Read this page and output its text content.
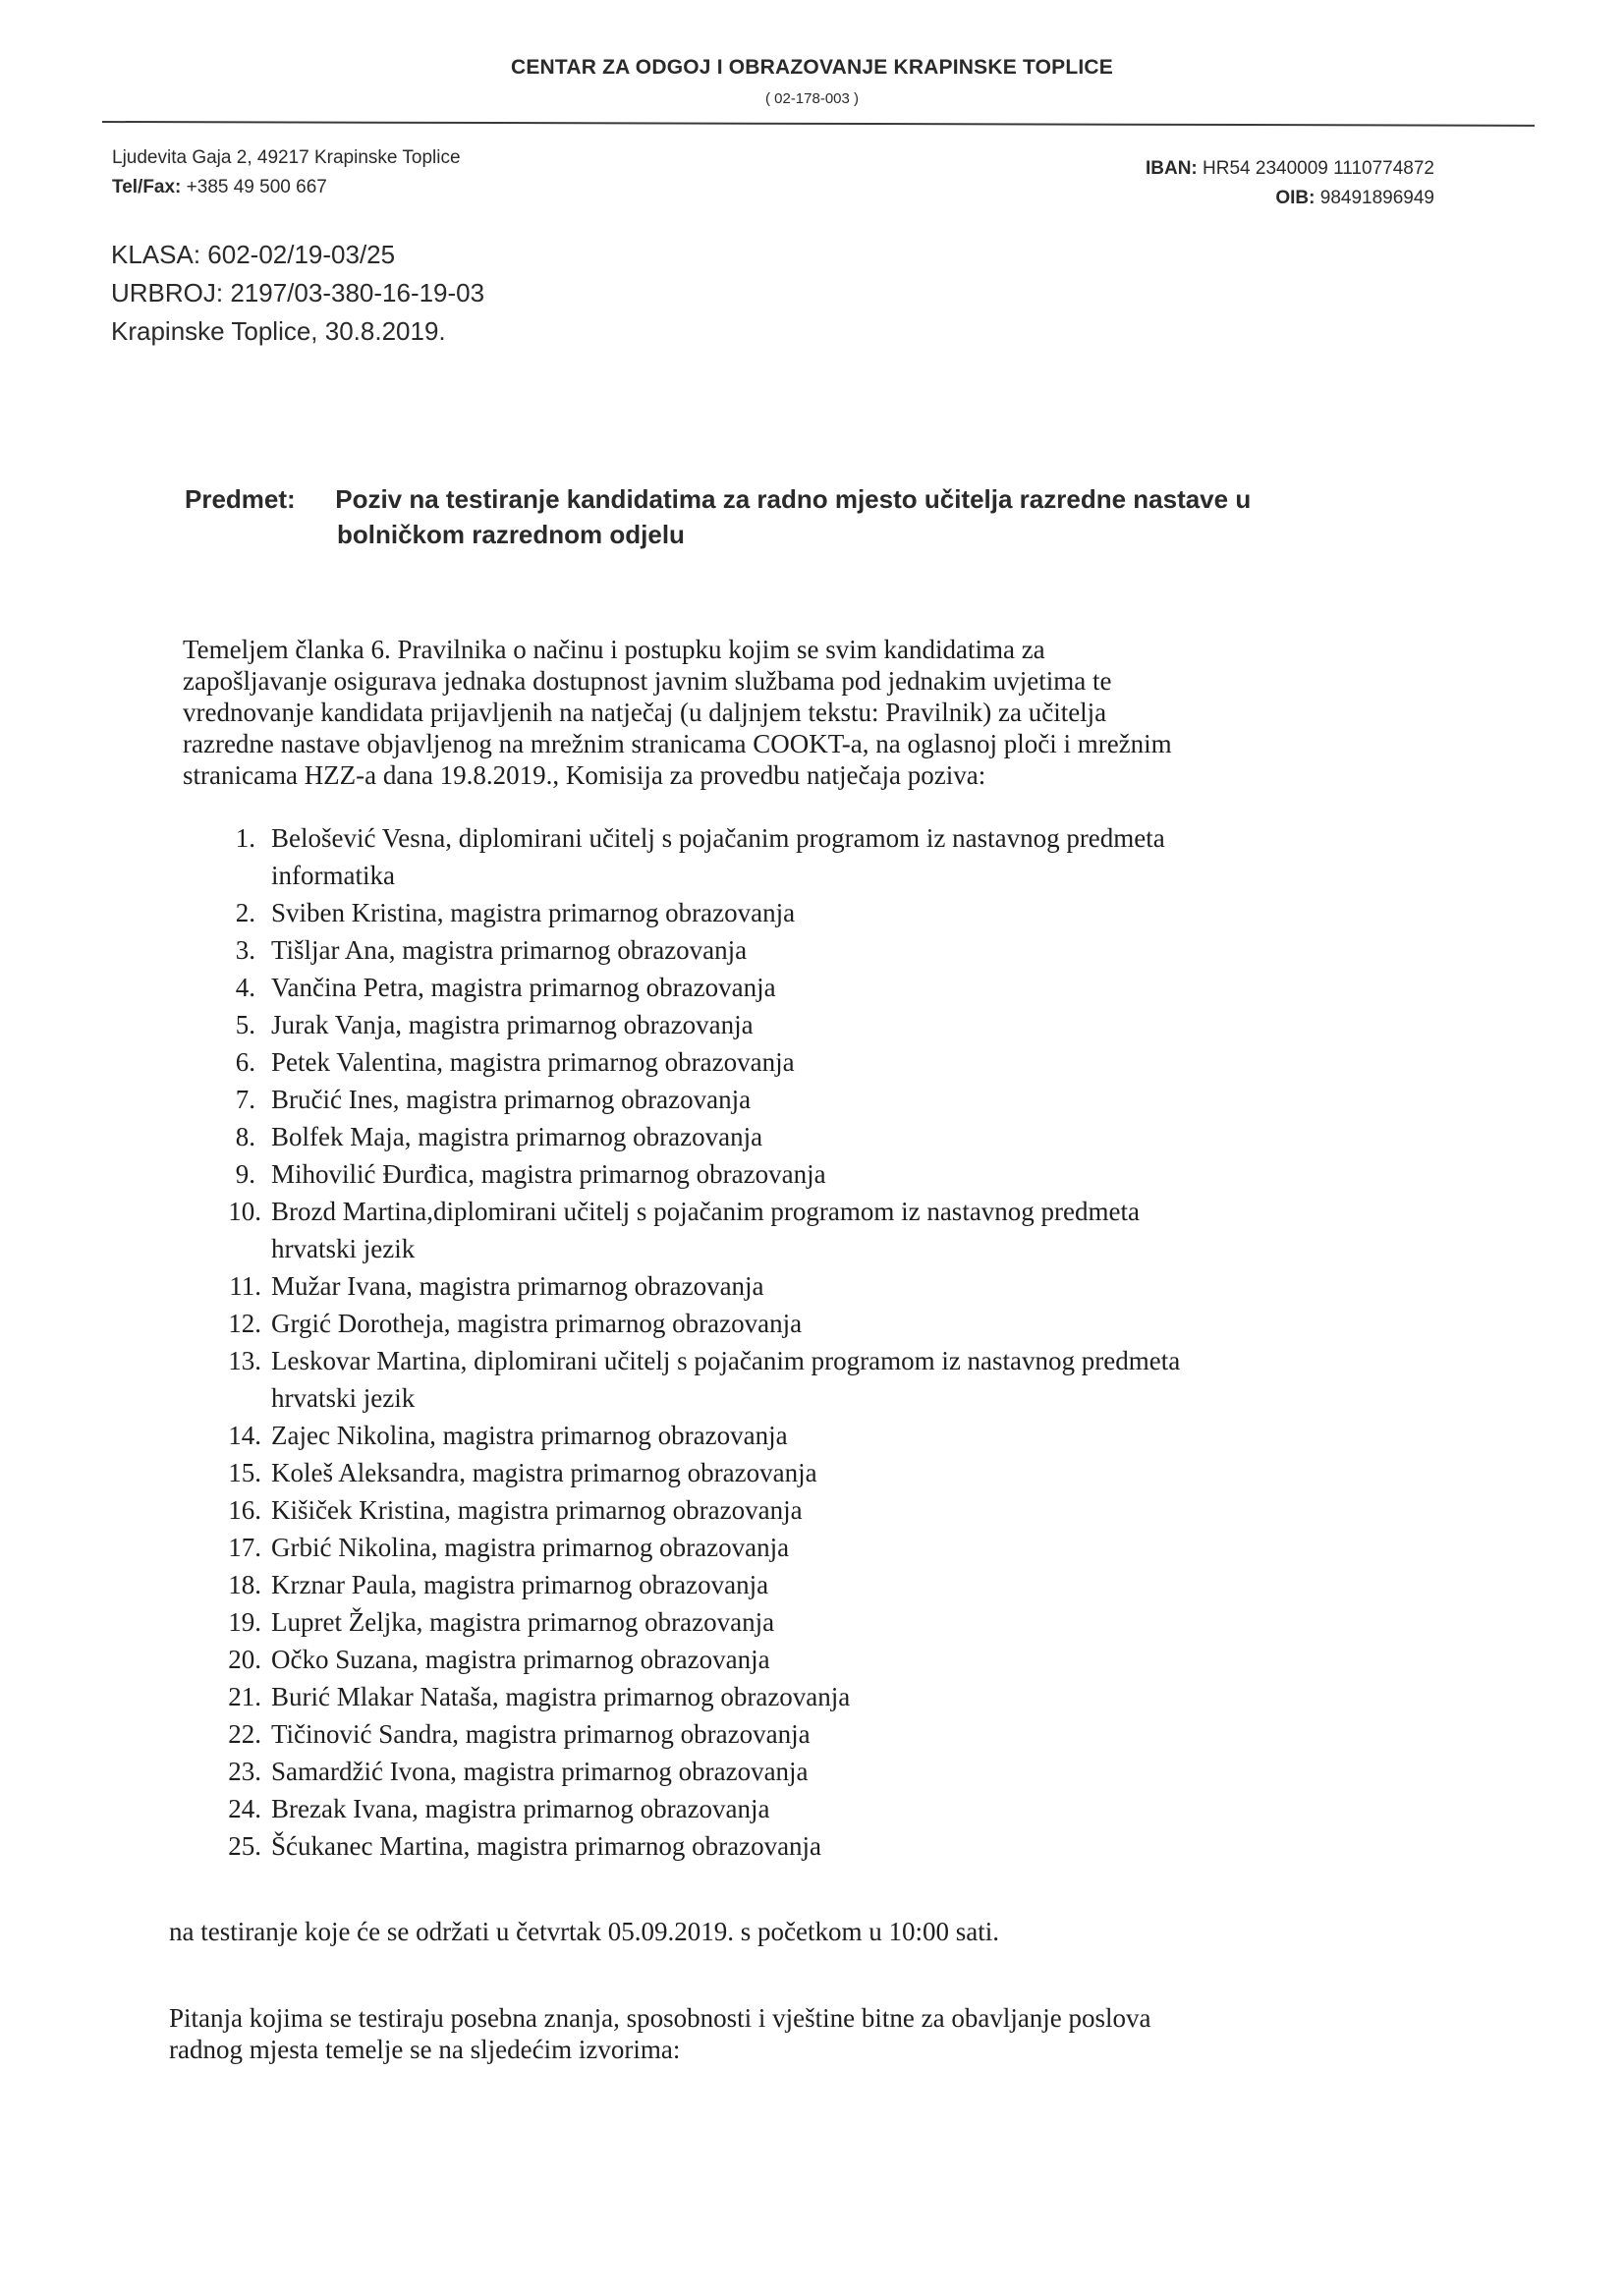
CENTAR ZA ODGOJ I OBRAZOVANJE KRAPINSKE TOPLICE
( 02-178-003 )
Ljudevita Gaja 2, 49217 Krapinske Toplice
Tel/Fax: +385 49 500 667
IBAN: HR54 2340009 1110774872
OIB: 98491896949
KLASA: 602-02/19-03/25
URBROJ: 2197/03-380-16-19-03
Krapinske Toplice, 30.8.2019.
Predmet: Poziv na testiranje kandidatima za radno mjesto učitelja razredne nastave u
bolničkom razrednom odjelu

Temeljem članka 6. Pravilnika o načinu i postupku kojim se svim kandidatima za

zapošljavanje osigurava jednaka dostupnost javnim službama pod jednakim uvjetima te

vrednovanje kandidata prijavljenih na natječaj (u daljnjem tekstu: Pravilnik) za učitelja

razredne nastave objavljenog na mrežnim stranicama COOKT-a, na oglasnoj ploči i mrežnim

stranicama HZZ-a dana 19.8.2019., Komisija za provedbu natječaja poziva:

1. Belošević Vesna, diplomirani učitelj s pojačanim programom iz nastavnog predmeta
informatika
2. Sviben Kristina, magistra primarnog obrazovanja
3. Tišljar Ana, magistra primarnog obrazovanja
4. Vančina Petra, magistra primarnog obrazovanja
5. Jurak Vanja, magistra primarnog obrazovanja
6. Petek Valentina, magistra primarnog obrazovanja
7. Bručić Ines, magistra primarnog obrazovanja
8. Bolfek Maja, magistra primarnog obrazovanja
9. Mihovilić Đurđica, magistra primarnog obrazovanja
10. Brozd Martina,diplomirani učitelj s pojačanim programom iz nastavnog predmeta
hrvatski jezik
11. Mužar Ivana, magistra primarnog obrazovanja
12. Grgić Dorotheja, magistra primarnog obrazovanja
13. Leskovar Martina, diplomirani učitelj s pojačanim programom iz nastavnog predmeta
hrvatski jezik
14. Zajec Nikolina, magistra primarnog obrazovanja
15. Koleš Aleksandra, magistra primarnog obrazovanja
16. Kišiček Kristina, magistra primarnog obrazovanja
17. Grbić Nikolina, magistra primarnog obrazovanja
18. Krznar Paula, magistra primarnog obrazovanja
19. Lupret Željka, magistra primarnog obrazovanja
20. Očko Suzana, magistra primarnog obrazovanja
21. Burić Mlakar Nataša, magistra primarnog obrazovanja
22. Tičinović Sandra, magistra primarnog obrazovanja
23. Samardžić Ivona, magistra primarnog obrazovanja
24. Brezak Ivana, magistra primarnog obrazovanja
25. Šćukanec Martina, magistra primarnog obrazovanja
na testiranje koje će se održati u četvrtak 05.09.2019. s početkom u 10:00 sati.
Pitanja kojima se testiraju posebna znanja, sposobnosti i vještine bitne za obavljanje poslova
radnog mjesta temelje se na sljedećim izvorima:
